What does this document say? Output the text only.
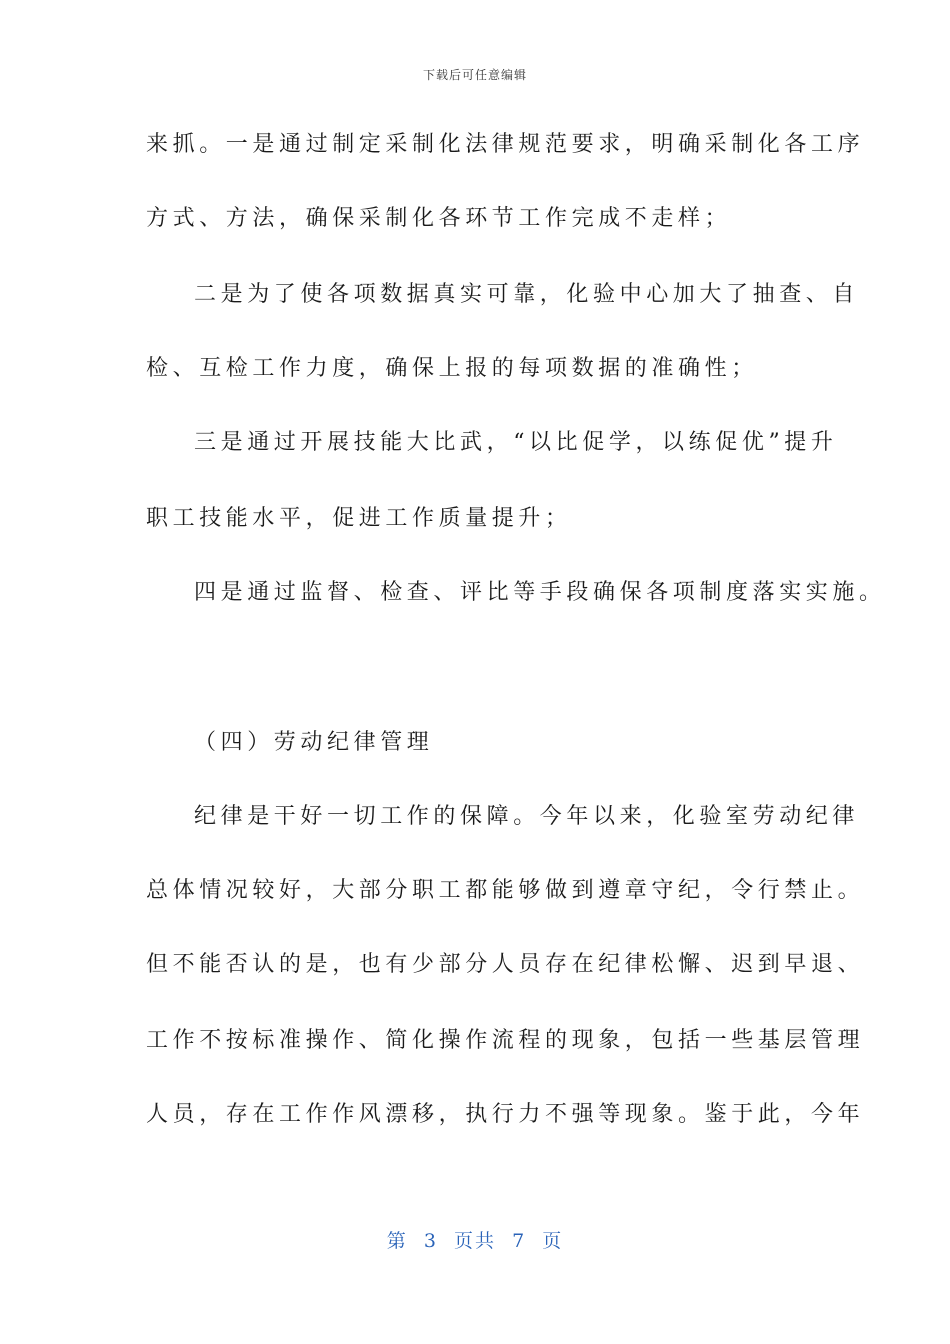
下载后可任意编辑
来抓。一是通过制定采制化法律规范要求，明确采制化各工序
方式、方法，确保采制化各环节工作完成不走样；
二是为了使各项数据真实可靠，化验中心加大了抽查、自
检、互检工作力度，确保上报的每项数据的准确性；
三是通过开展技能大比武，“以比促学，以练促优”提升
职工技能水平，促进工作质量提升；
四是通过监督、检查、评比等手段确保各项制度落实实施。
（四）劳动纪律管理
纪律是干好一切工作的保障。今年以来，化验室劳动纪律
总体情况较好，大部分职工都能够做到遵章守纪，令行禁止。
但不能否认的是，也有少部分人员存在纪律松懈、迟到早退、
工作不按标准操作、简化操作流程的现象，包括一些基层管理
人员，存在工作作风漂移，执行力不强等现象。鉴于此，今年
第  3  页共  7  页
